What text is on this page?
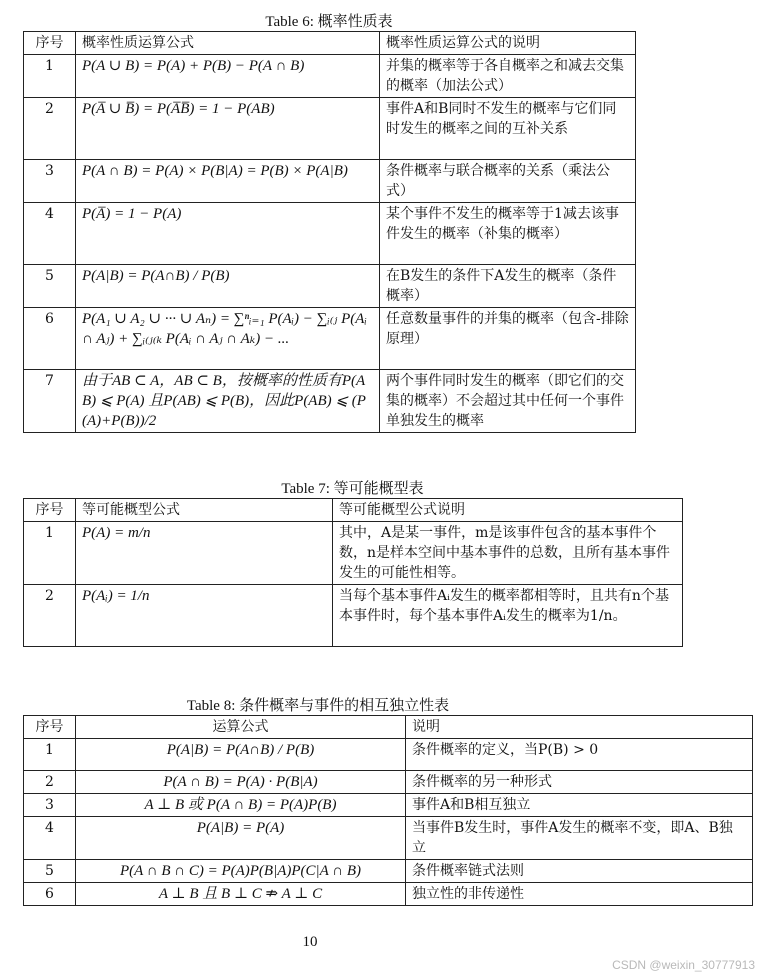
Table 6: 概率性质表
序号	概率性质运算公式	概率性质运算公式的说明
1	P(A ∪ B) = P(A) + P(B) − P(A ∩ B)	并集的概率等于各自概率之和减去交集的概率（加法公式）
2	P(A̅ ∪ B̅) = P(A̅B̅) = 1 − P(AB)	事件A和B同时不发生的概率与它们同时发生的概率之间的互补关系
3	P(A ∩ B) = P(A) × P(B|A) = P(B) × P(A|B)	条件概率与联合概率的关系（乘法公式）
4	P(A̅) = 1 − P(A)	某个事件不发生的概率等于1减去该事件发生的概率（补集的概率）
5	P(A|B) = P(A∩B) / P(B)	在B发生的条件下A发生的概率（条件概率）
6	P(A₁ ∪ A₂ ∪ ··· ∪ Aₙ) = ∑ⁿᵢ₌₁ P(Aᵢ) − ∑ᵢ₍ⱼ P(Aᵢ ∩ Aⱼ) + ∑ᵢ₍ⱼ₍ₖ P(Aᵢ ∩ Aⱼ ∩ Aₖ) − ...	任意数量事件的并集的概率（包含-排除原理）
7	由于AB ⊂ A，AB ⊂ B，按概率的性质有P(AB) ⩽ P(A) 且P(AB) ⩽ P(B)，因此P(AB) ⩽ (P(A)+P(B))/2	两个事件同时发生的概率（即它们的交集的概率）不会超过其中任何一个事件单独发生的概率
Table 7: 等可能概型表
序号	等可能概型公式	等可能概型公式说明
1	P(A) = m/n	其中，A是某一事件，m是该事件包含的基本事件个数，n是样本空间中基本事件的总数，且所有基本事件发生的可能性相等。
2	P(Aᵢ) = 1/n	当每个基本事件Aᵢ发生的概率都相等时，且共有n个基本事件时，每个基本事件Aᵢ发生的概率为1/n。
Table 8: 条件概率与事件的相互独立性表
序号	运算公式	说明
1	P(A|B) = P(A∩B) / P(B)	条件概率的定义，当P(B) > 0
2	P(A ∩ B) = P(A) · P(B|A)	条件概率的另一种形式
3	A ⊥ B 或 P(A ∩ B) = P(A)P(B)	事件A和B相互独立
4	P(A|B) = P(A)	当事件B发生时，事件A发生的概率不变，即A、B独立
5	P(A ∩ B ∩ C) = P(A)P(B|A)P(C|A ∩ B)	条件概率链式法则
6	A ⊥ B 且 B ⊥ C ⇏ A ⊥ C	独立性的非传递性
10
CSDN @weixin_30777913
